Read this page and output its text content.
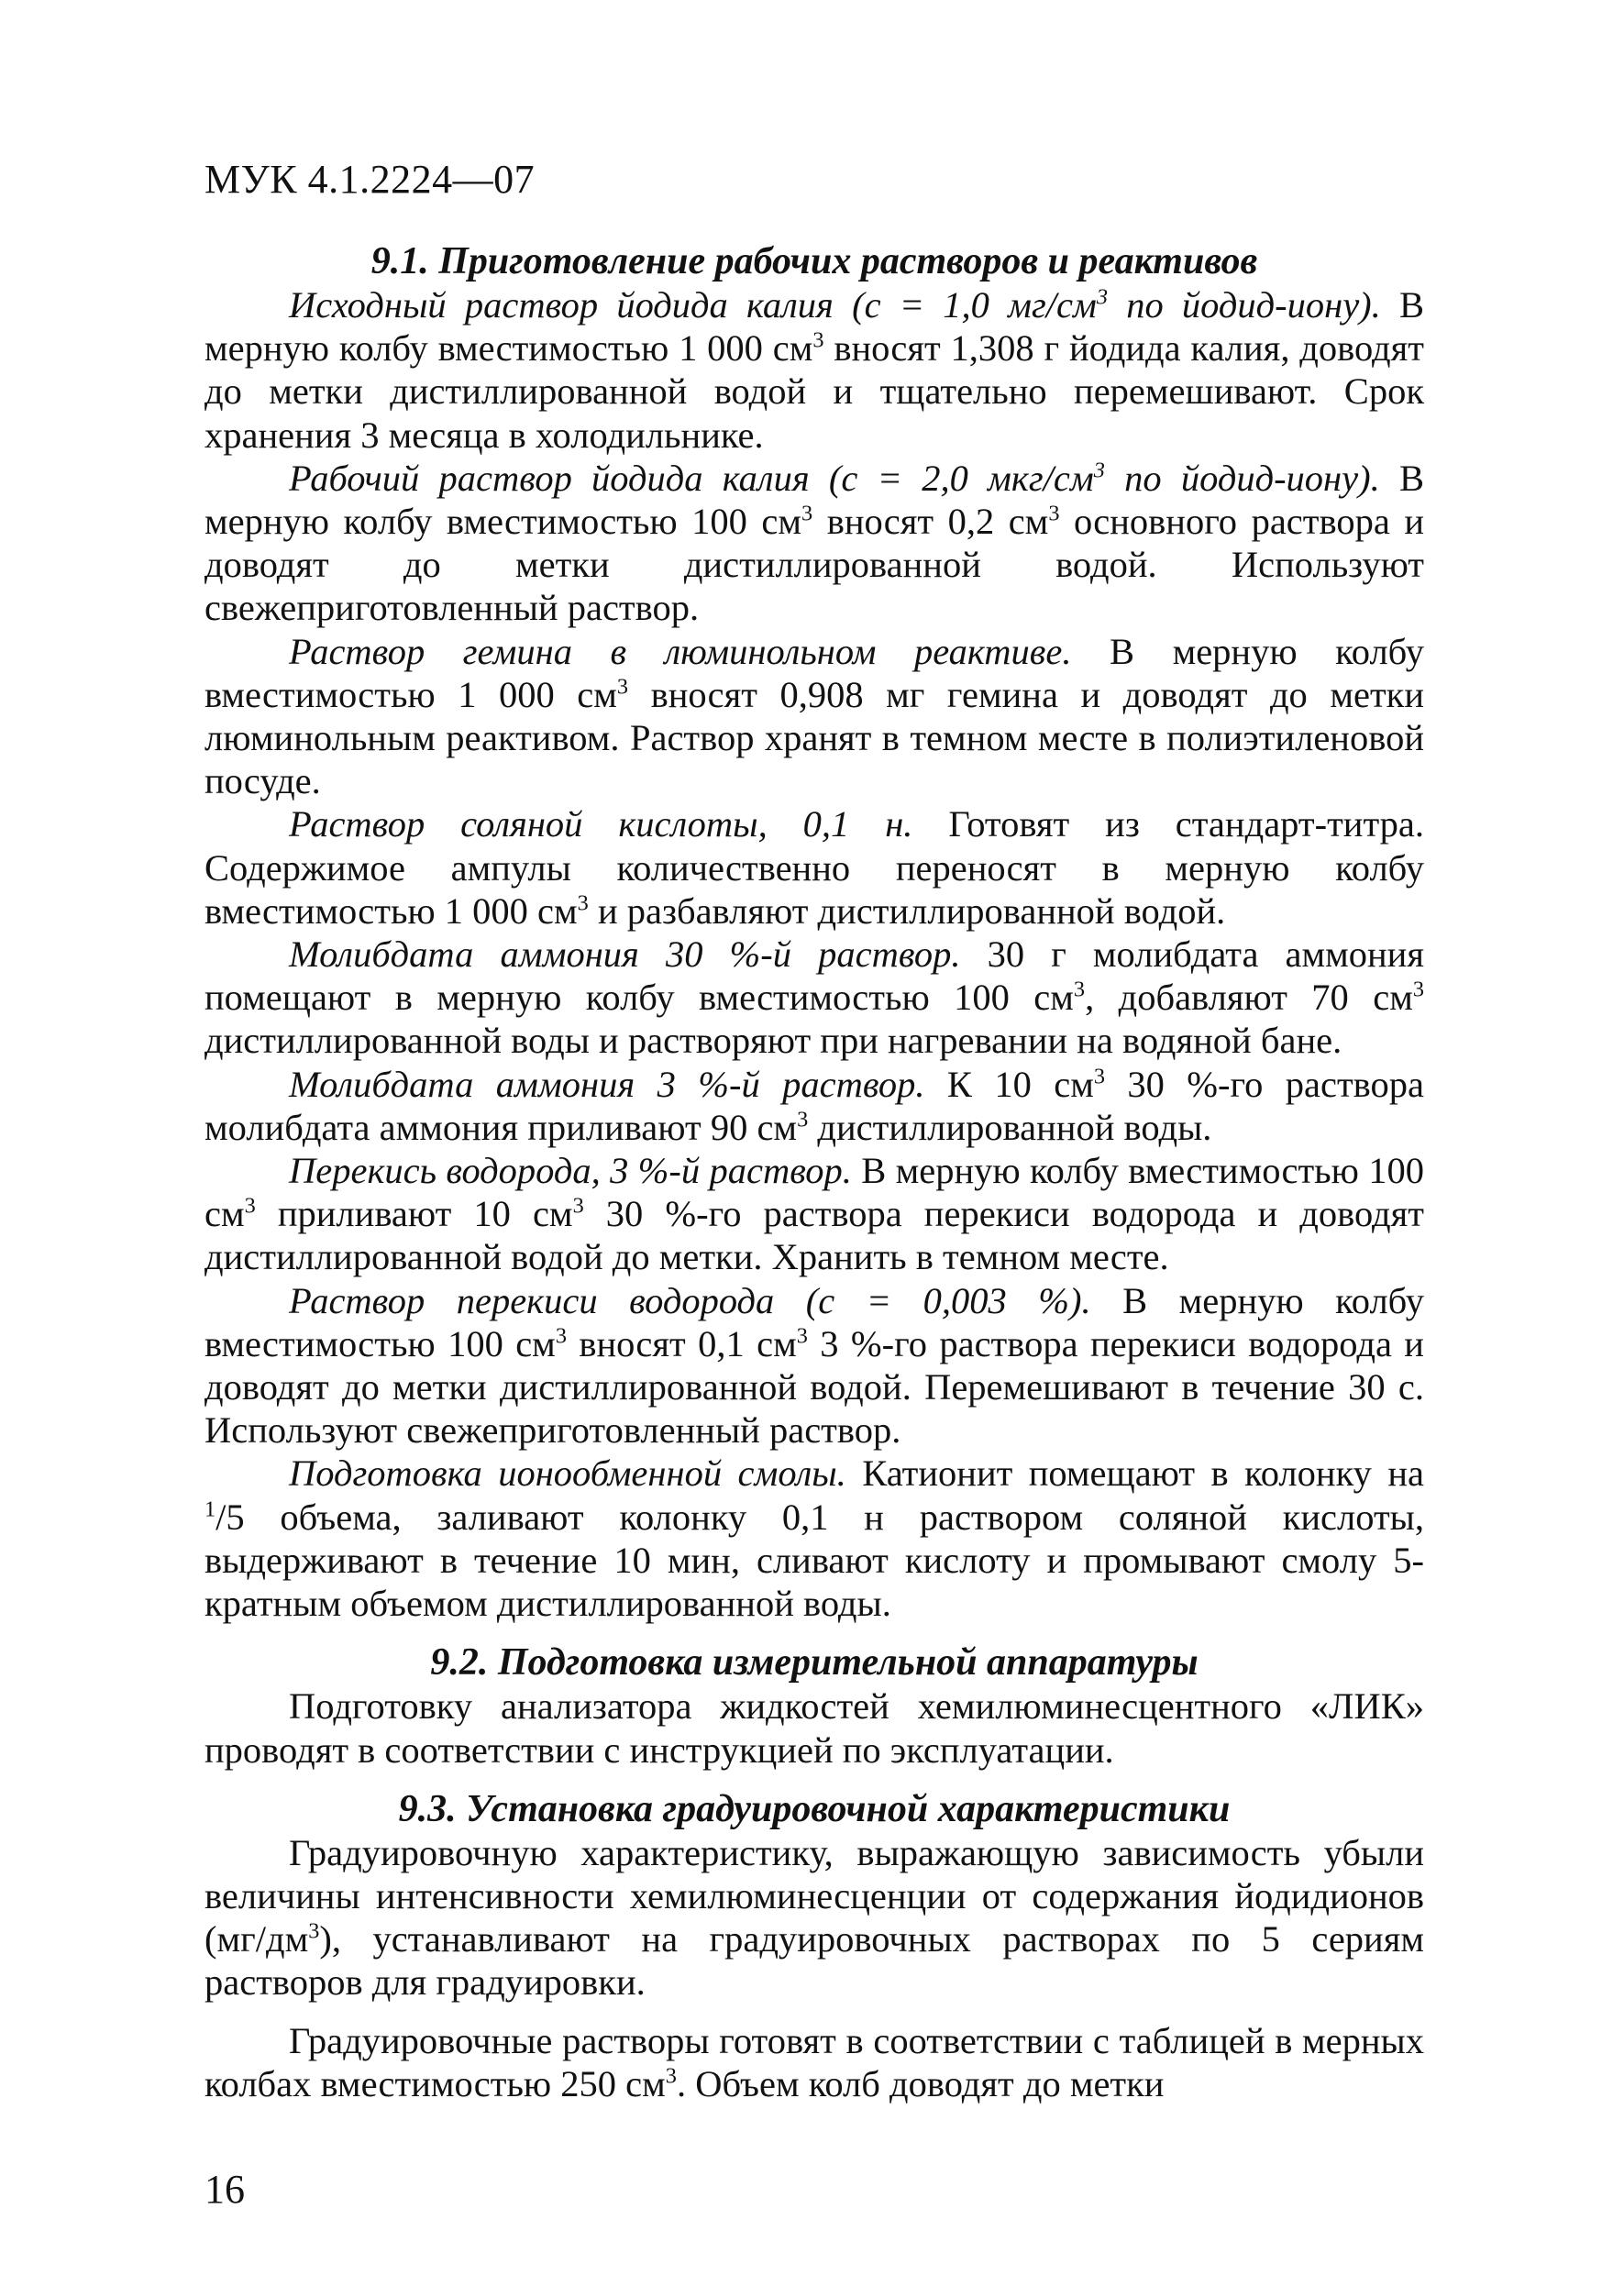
МУК 4.1.2224—07
9.1. Приготовление рабочих растворов и реактивов

Исходный раствор йодида калия (с = 1,0 $мг/см^3$ по йодид-иону). В мерную колбу вместимостью 1 000 $см^3$ вносят 1,308 г йодида калия, доводят до метки дистиллированной водой и тщательно перемешивают. Срок хранения 3 месяца в холодильнике.

Рабочий раствор йодида калия (с = 2,0 мкг/$см^3$ по йодид-иону). В мерную колбу вместимостью 100 $см^3$ вносят 0,2 $см^3$ основного раствора и доводят до метки дистиллированной водой. Используют свежеприготовленный раствор.

Раствор гемина в люминольном реактиве. В мерную колбу вместимостью 1 000 $см^3$ вносят 0,908 мг гемина и доводят до метки люминольным реактивом. Раствор хранят в темном месте в полиэтиленовой посуде.

Раствор соляной кислоты, 0,1 н. Готовят из стандарт-титра. Содержимое ампулы количественно переносят в мерную колбу вместимостью 1 000 $см^3$ и разбавляют дистиллированной водой.

Молибдата аммония 30 %-й раствор. 30 г молибдата аммония помещают в мерную колбу вместимостью 100 $см^3$, добавляют 70 $см^3$ дистиллированной воды и растворяют при нагревании на водяной бане.

Молибдата аммония 3 %-й раствор. К 10 $см^3$ 30 %-го раствора молибдата аммония приливают 90 $см^3$ дистиллированной воды.

Перекись водорода, 3 %-й раствор. В мерную колбу вместимостью 100 $см^3$ приливают 10 $см^3$ 30 %-го раствора перекиси водорода и доводят дистиллированной водой до метки. Хранить в темном месте.

Раствор перекиси водорода (с = 0,003 %). В мерную колбу вместимостью 100 $см^3$ вносят 0,1 $см^3$ 3 %-го раствора перекиси водорода и доводят до метки дистиллированной водой. Перемешивают в течение 30 с. Используют свежеприготовленный раствор.

Подготовка ионообменной смолы. Катионит помещают в колонку на $^1$/5 объема, заливают колонку 0,1 н раствором соляной кислоты, выдерживают в течение 10 мин, сливают кислоту и промывают смолу 5-кратным объемом дистиллированной воды.

9.2. Подготовка измерительной аппаратуры

Подготовку анализатора жидкостей хемилюминесцентного «ЛИК» проводят в соответствии с инструкцией по эксплуатации.

9.3. Установка градуировочной характеристики

Градуировочную характеристику, выражающую зависимость убыли величины интенсивности хемилюминесценции от содержания йодидионов $(мг/дм^3)$, устанавливают на градуировочных растворах по 5 сериям растворов для градуировки.

Градуировочные растворы готовят в соответствии с таблицей в мерных колбах вместимостью 250 $см^3$. Объем колб доводят до метки

16
